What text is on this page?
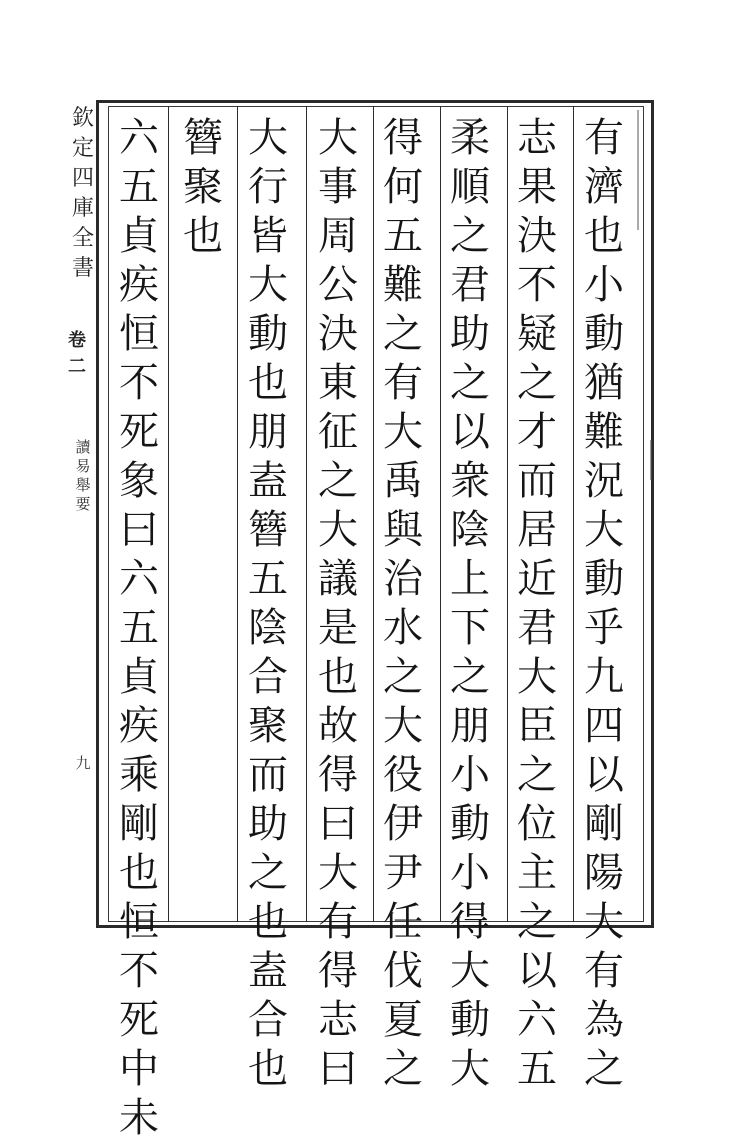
欽
定
四
庫
全
書
卷二
讀
易
舉
要
九
有
濟
也
小
動
猶
難
況
大
動
乎
九
四
以
剛
陽
大
有
為
之
志
果
決
不
疑
之
才
而
居
近
君
大
臣
之
位
主
之
以
六
五
柔
順
之
君
助
之
以
衆
陰
上
下
之
朋
小
動
小
得
大
動
大
得
何
五
難
之
有
大
禹
與
治
水
之
大
役
伊
尹
任
伐
夏
之
大
事
周
公
決
東
征
之
大
議
是
也
故
得
曰
大
有
得
志
曰
大
行
皆
大
動
也
朋
盍
簪
五
陰
合
聚
而
助
之
也
盍
合
也
簪
聚
也
六
五
貞
疾
恒
不
死
象
曰
六
五
貞
疾
乘
剛
也
恒
不
死
中
未
